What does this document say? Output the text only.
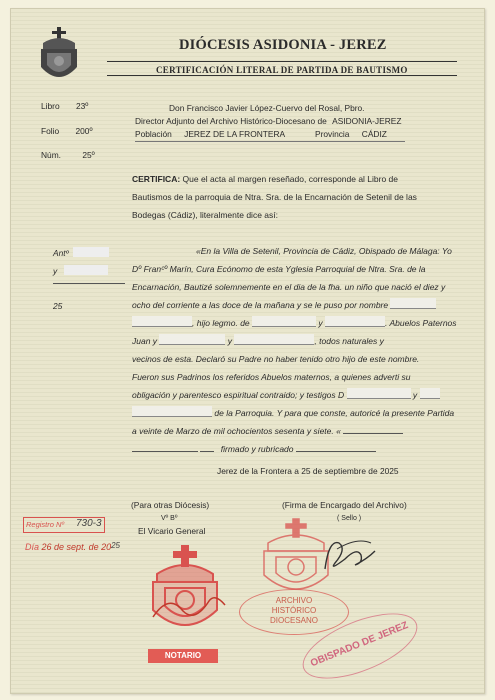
DIÓCESIS ASIDONIA - JEREZ
CERTIFICACIÓN LITERAL DE PARTIDA DE BAUTISMO
Libro 23º
Folio 200º
Núm.	25º
Don Francisco Javier López-Cuervo del Rosal, Pbro.
Director Adjunto del Archivo Histórico-Diocesano de ASIDONIA-JEREZ
Población JEREZ DE LA FRONTERA	Provincia CÁDIZ
CERTIFICA: Que el acta al margen reseñado, corresponde al Libro de
Bautismos de la parroquia de Ntra. Sra. de la Encarnación de Setenil de las
Bodegas (Cádiz), literalmente dice así:
Antº
y
25
«En la Villa de Setenil, Provincia de Cádiz, Obispado de Málaga: Yo
Dº Franᶜº Marín, Cura Ecónomo de esta Yglesia Parroquial de Ntra. Sra. de la
Encarnación, Bautizé solemnemente en el dia de la fha. un niño que nació el diez y
ocho del corriente a las doce de la mañana y se le puso por nombre
, hijo legmo. de	y	. Abuelos Paternos
Juan y	y	, todos naturales y
vecinos de esta. Declaró su Padre no haber tenido otro hijo de este nombre.
Fueron sus Padrinos los referidos Abuelos maternos, a quienes adverti su
obligación y parentesco espiritual contraido; y testigos D	y
de la Parroquia. Y para que conste, autoricé la presente Partida
a veinte de Marzo de mil ochocientos sesenta y siete. «
firmado y rubricado
Jerez de la Frontera a 25 de septiembre de 2025
(Para otras Diócesis)
Vº Bº
El Vicario General
(Firma de Encargado del Archivo)
( Sello )
Registro Nº 730-3
Día 26 de sept. de 2025
NOTARIO
ARCHIVO
HISTÓRICO
DIOCESANO
OBISPADO DE JEREZ
